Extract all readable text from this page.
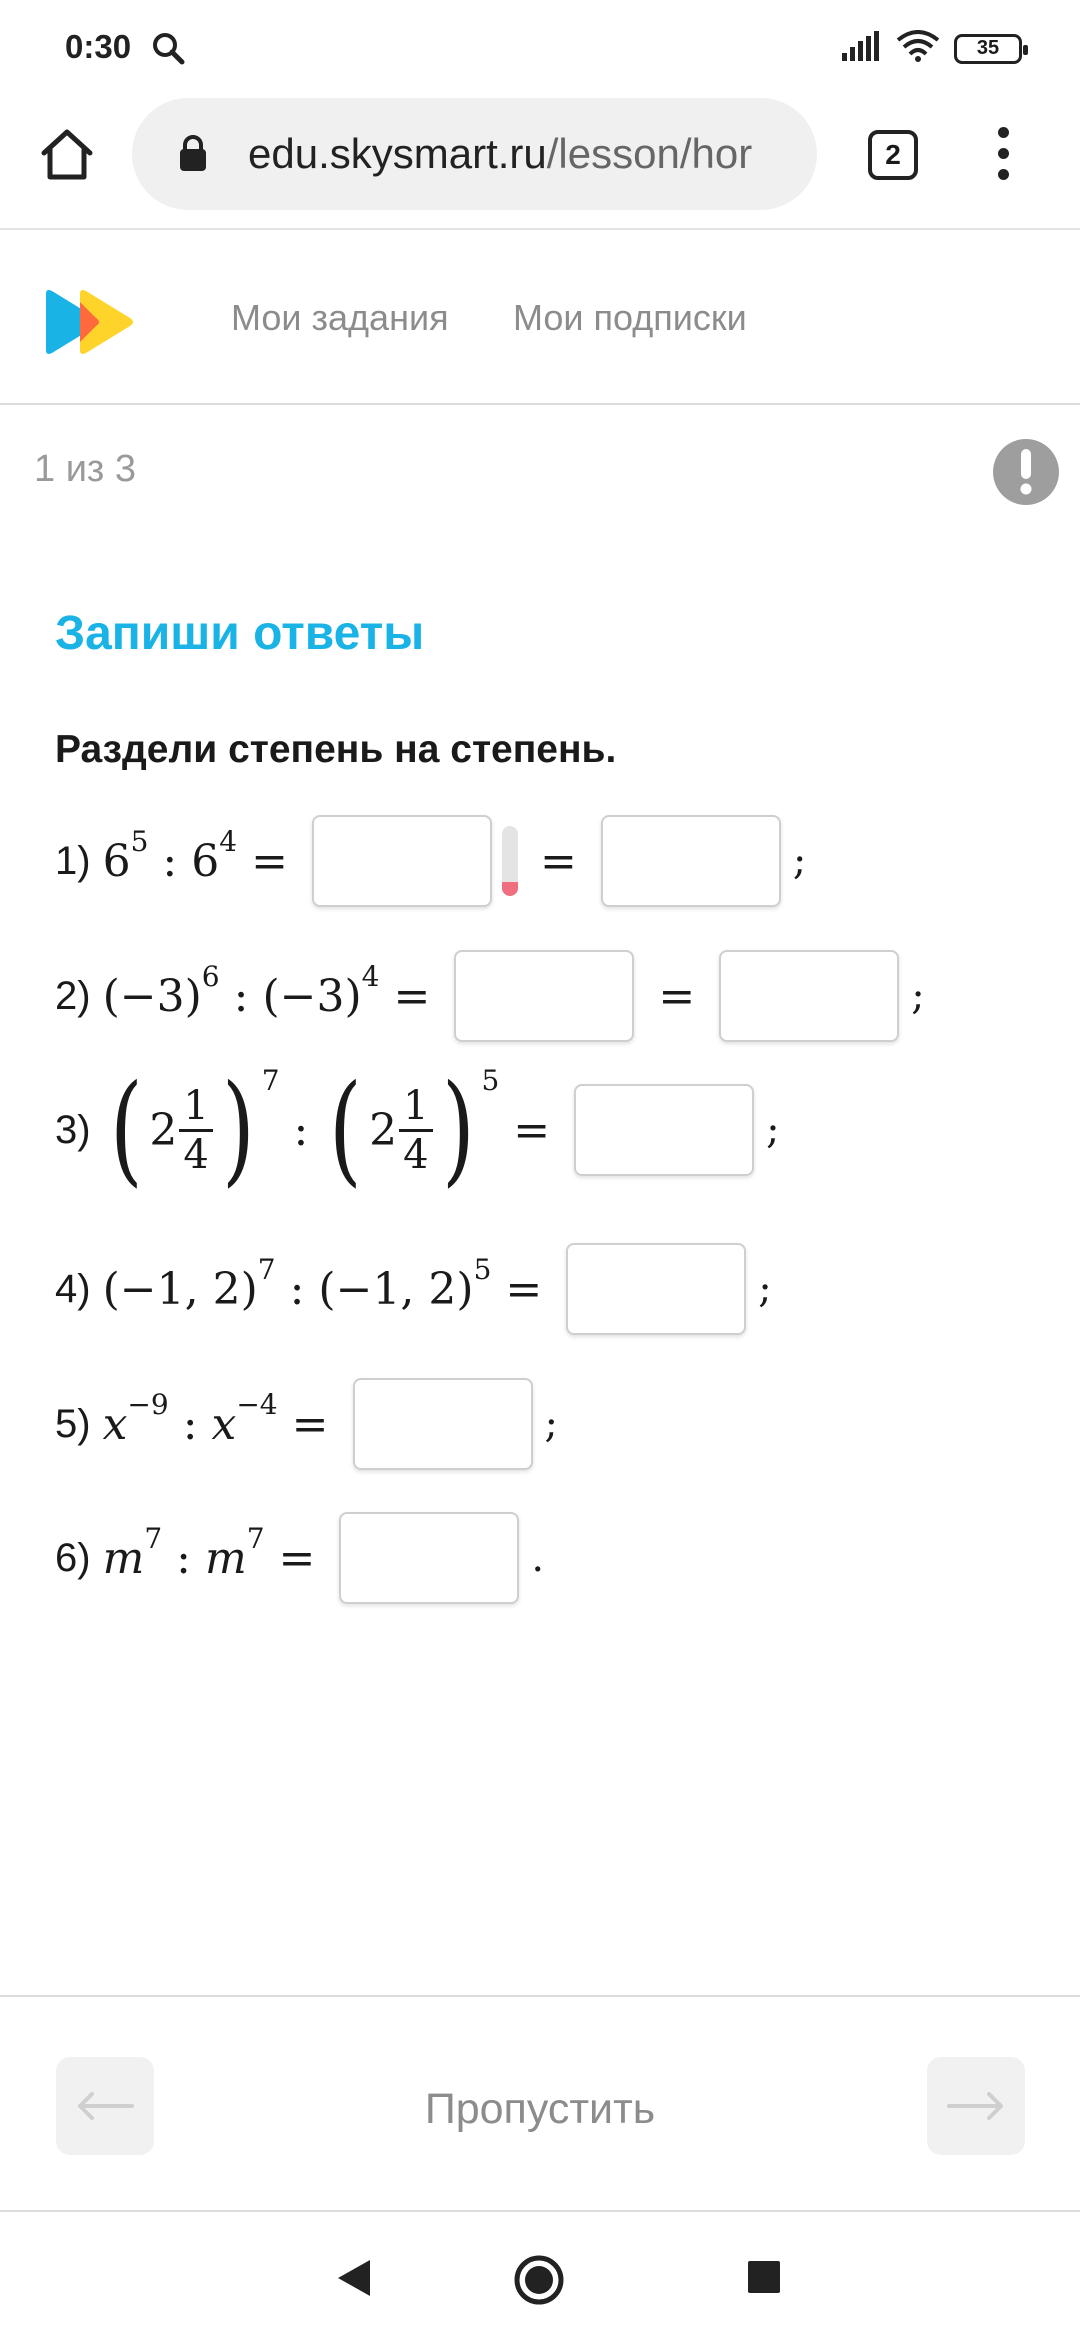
0:30	35
edu.skysmart.ru/lesson/hor	2
Мои задания Мои подписки
1 из 3
Запиши ответы
Раздели степень на степень.
1) 6 5 : 6 4 =	=	;
2) (−3) 6 : (−3) 4 =	=	;
3) ( $2 \frac{1}{4}$ ) 7
: ( $2 \frac{1}{4}$ ) 5
=	;
4) (−1, 2) 7 : (−1, 2) 5 =	;
5) x −9 : x −4 =	;
6) m 7 : m 7 =	.
Пропустить
